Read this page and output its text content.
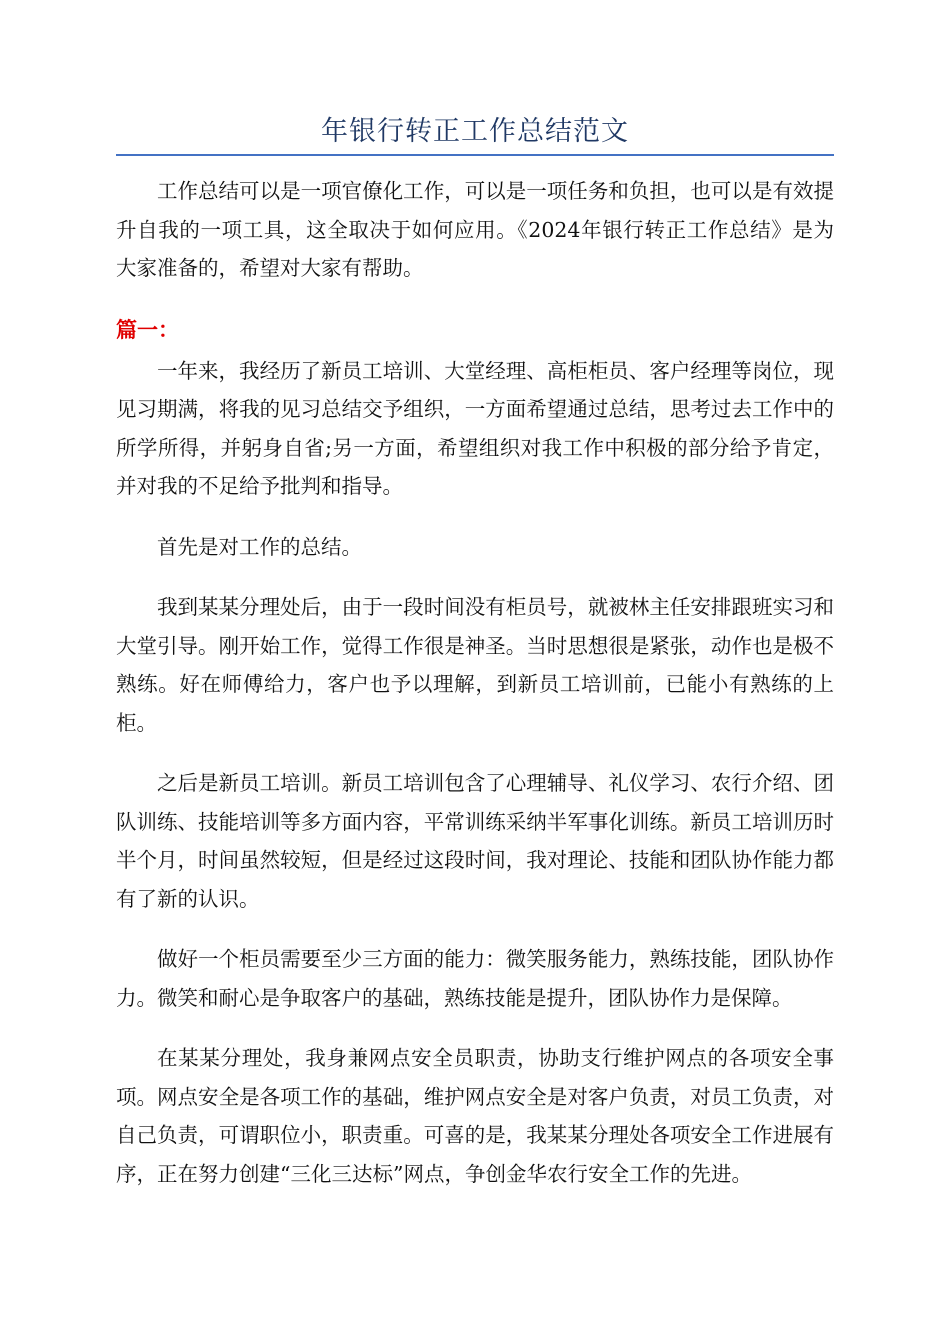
年银行转正工作总结范文

工作总结可以是一项官僚化工作，可以是一项任务和负担，也可以是有效提升自我的一项工具，这全取决于如何应用。《2024年银行转正工作总结》是为大家准备的，希望对大家有帮助。

篇一：

一年来，我经历了新员工培训、大堂经理、高柜柜员、客户经理等岗位，现见习期满，将我的见习总结交予组织，一方面希望通过总结，思考过去工作中的所学所得，并躬身自省;另一方面，希望组织对我工作中积极的部分给予肯定，并对我的不足给予批判和指导。

首先是对工作的总结。

我到某某分理处后，由于一段时间没有柜员号，就被林主任安排跟班实习和大堂引导。刚开始工作，觉得工作很是神圣。当时思想很是紧张，动作也是极不熟练。好在师傅给力，客户也予以理解，到新员工培训前，已能小有熟练的上柜。

之后是新员工培训。新员工培训包含了心理辅导、礼仪学习、农行介绍、团队训练、技能培训等多方面内容，平常训练采纳半军事化训练。新员工培训历时半个月，时间虽然较短，但是经过这段时间，我对理论、技能和团队协作能力都有了新的认识。

做好一个柜员需要至少三方面的能力：微笑服务能力，熟练技能，团队协作力。微笑和耐心是争取客户的基础，熟练技能是提升，团队协作力是保障。

在某某分理处，我身兼网点安全员职责，协助支行维护网点的各项安全事项。网点安全是各项工作的基础，维护网点安全是对客户负责，对员工负责，对自己负责，可谓职位小，职责重。可喜的是，我某某分理处各项安全工作进展有序，正在努力创建“三化三达标”网点，争创金华农行安全工作的先进。
